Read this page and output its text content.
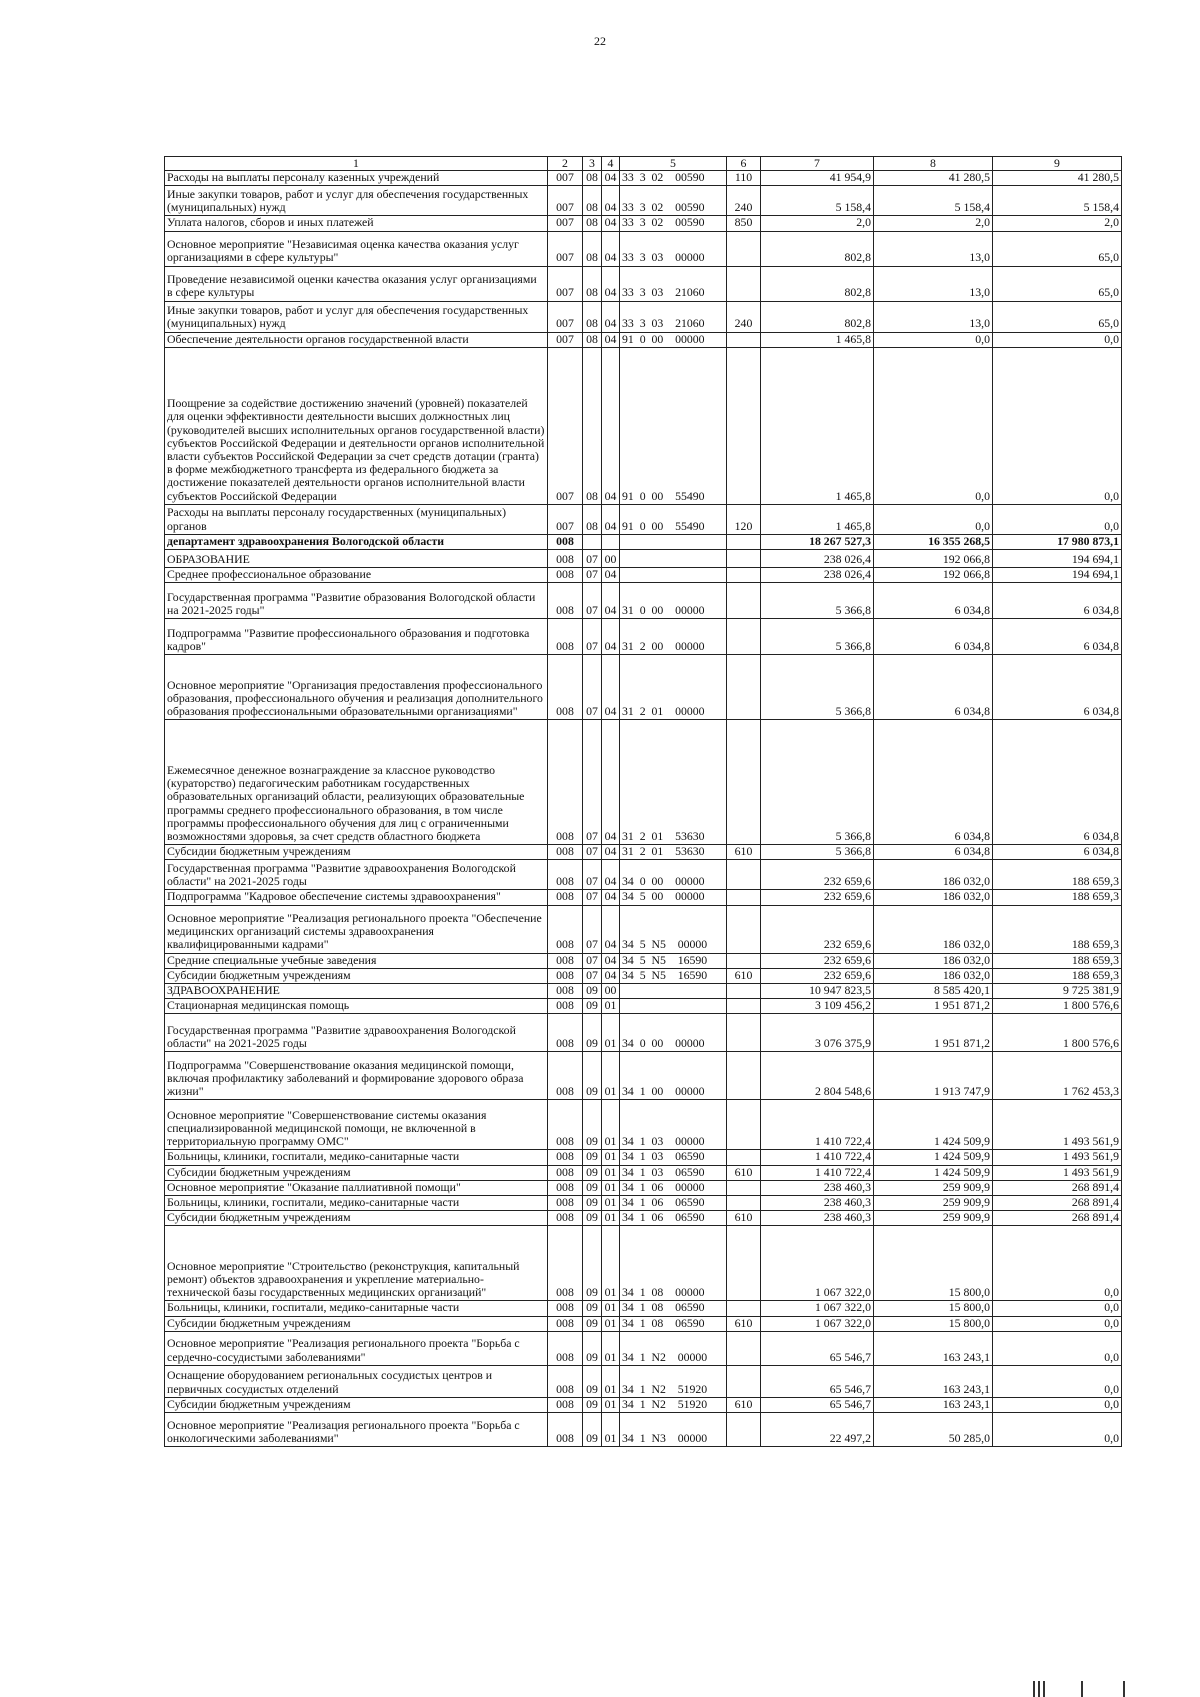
22
1	2	3	4	5	6	7	8	9
Расходы на выплаты персоналу казенных учреждений	007	08	04	33  3  02    00590	110	41 954,9	41 280,5	41 280,5
Иные закупки товаров, работ и услуг для обеспечения государственных (муниципальных) нужд	007	08	04	33  3  02    00590	240	5 158,4	5 158,4	5 158,4
Уплата налогов, сборов и иных платежей	007	08	04	33  3  02    00590	850	2,0	2,0	2,0
Основное мероприятие "Независимая оценка качества оказания услуг организациями в сфере культуры"	007	08	04	33  3  03    00000		802,8	13,0	65,0
Проведение независимой оценки качества оказания услуг организациями в сфере культуры	007	08	04	33  3  03    21060		802,8	13,0	65,0
Иные закупки товаров, работ и услуг для обеспечения государственных (муниципальных) нужд	007	08	04	33  3  03    21060	240	802,8	13,0	65,0
Обеспечение деятельности органов государственной власти	007	08	04	91  0  00    00000		1 465,8	0,0	0,0
Поощрение за содействие достижению значений (уровней) показателей для оценки эффективности деятельности высших должностных лиц (руководителей высших исполнительных органов государственной власти) субъектов Российской Федерации и деятельности органов исполнительной власти субъектов Российской Федерации за счет средств дотации (гранта) в форме межбюджетного трансферта из федерального бюджета за достижение показателей деятельности органов исполнительной власти субъектов Российской Федерации	007	08	04	91  0  00    55490		1 465,8	0,0	0,0
Расходы на выплаты персоналу государственных (муниципальных) органов	007	08	04	91  0  00    55490	120	1 465,8	0,0	0,0
департамент здравоохранения Вологодской области	008					18 267 527,3	16 355 268,5	17 980 873,1
ОБРАЗОВАНИЕ	008	07	00			238 026,4	192 066,8	194 694,1
Среднее профессиональное образование	008	07	04			238 026,4	192 066,8	194 694,1
Государственная программа "Развитие образования Вологодской области на 2021-2025 годы"	008	07	04	31  0  00    00000		5 366,8	6 034,8	6 034,8
Подпрограмма "Развитие профессионального образования и подготовка кадров"	008	07	04	31  2  00    00000		5 366,8	6 034,8	6 034,8
Основное мероприятие "Организация предоставления профессионального образования, профессионального обучения и реализация дополнительного образования профессиональными образовательными организациями"	008	07	04	31  2  01    00000		5 366,8	6 034,8	6 034,8
Ежемесячное денежное вознаграждение за классное руководство (кураторство) педагогическим работникам государственных образовательных организаций области, реализующих образовательные программы среднего профессионального образования, в том числе программы профессионального обучения для лиц с ограниченными возможностями здоровья, за счет средств областного бюджета	008	07	04	31  2  01    53630		5 366,8	6 034,8	6 034,8
Субсидии бюджетным учреждениям	008	07	04	31  2  01    53630	610	5 366,8	6 034,8	6 034,8
Государственная программа "Развитие здравоохранения Вологодской области" на 2021-2025 годы	008	07	04	34  0  00    00000		232 659,6	186 032,0	188 659,3
Подпрограмма "Кадровое обеспечение системы здравоохранения"	008	07	04	34  5  00    00000		232 659,6	186 032,0	188 659,3
Основное мероприятие "Реализация регионального проекта "Обеспечение медицинских организаций системы здравоохранения квалифицированными кадрами"	008	07	04	34  5  N5    00000		232 659,6	186 032,0	188 659,3
Средние специальные учебные заведения	008	07	04	34  5  N5    16590		232 659,6	186 032,0	188 659,3
Субсидии бюджетным учреждениям	008	07	04	34  5  N5    16590	610	232 659,6	186 032,0	188 659,3
ЗДРАВООХРАНЕНИЕ	008	09	00			10 947 823,5	8 585 420,1	9 725 381,9
Стационарная медицинская помощь	008	09	01			3 109 456,2	1 951 871,2	1 800 576,6
Государственная программа "Развитие здравоохранения Вологодской области" на 2021-2025 годы	008	09	01	34  0  00    00000		3 076 375,9	1 951 871,2	1 800 576,6
Подпрограмма "Совершенствование оказания медицинской помощи, включая профилактику заболеваний и формирование здорового образа жизни"	008	09	01	34  1  00    00000		2 804 548,6	1 913 747,9	1 762 453,3
Основное мероприятие "Совершенствование системы оказания специализированной медицинской помощи, не включенной в территориальную программу ОМС"	008	09	01	34  1  03    00000		1 410 722,4	1 424 509,9	1 493 561,9
Больницы, клиники, госпитали, медико-санитарные части	008	09	01	34  1  03    06590		1 410 722,4	1 424 509,9	1 493 561,9
Субсидии бюджетным учреждениям	008	09	01	34  1  03    06590	610	1 410 722,4	1 424 509,9	1 493 561,9
Основное мероприятие "Оказание паллиативной помощи"	008	09	01	34  1  06    00000		238 460,3	259 909,9	268 891,4
Больницы, клиники, госпитали, медико-санитарные части	008	09	01	34  1  06    06590		238 460,3	259 909,9	268 891,4
Субсидии бюджетным учреждениям	008	09	01	34  1  06    06590	610	238 460,3	259 909,9	268 891,4
Основное мероприятие "Строительство (реконструкция, капитальный ремонт) объектов здравоохранения и укрепление материально-технической базы государственных медицинских организаций"	008	09	01	34  1  08    00000		1 067 322,0	15 800,0	0,0
Больницы, клиники, госпитали, медико-санитарные части	008	09	01	34  1  08    06590		1 067 322,0	15 800,0	0,0
Субсидии бюджетным учреждениям	008	09	01	34  1  08    06590	610	1 067 322,0	15 800,0	0,0
Основное мероприятие "Реализация регионального проекта "Борьба с сердечно-сосудистыми заболеваниями"	008	09	01	34  1  N2    00000		65 546,7	163 243,1	0,0
Оснащение оборудованием региональных сосудистых центров и первичных сосудистых отделений	008	09	01	34  1  N2    51920		65 546,7	163 243,1	0,0
Субсидии бюджетным учреждениям	008	09	01	34  1  N2    51920	610	65 546,7	163 243,1	0,0
Основное мероприятие "Реализация регионального проекта "Борьба с онкологическими заболеваниями"	008	09	01	34  1  N3    00000		22 497,2	50 285,0	0,0
